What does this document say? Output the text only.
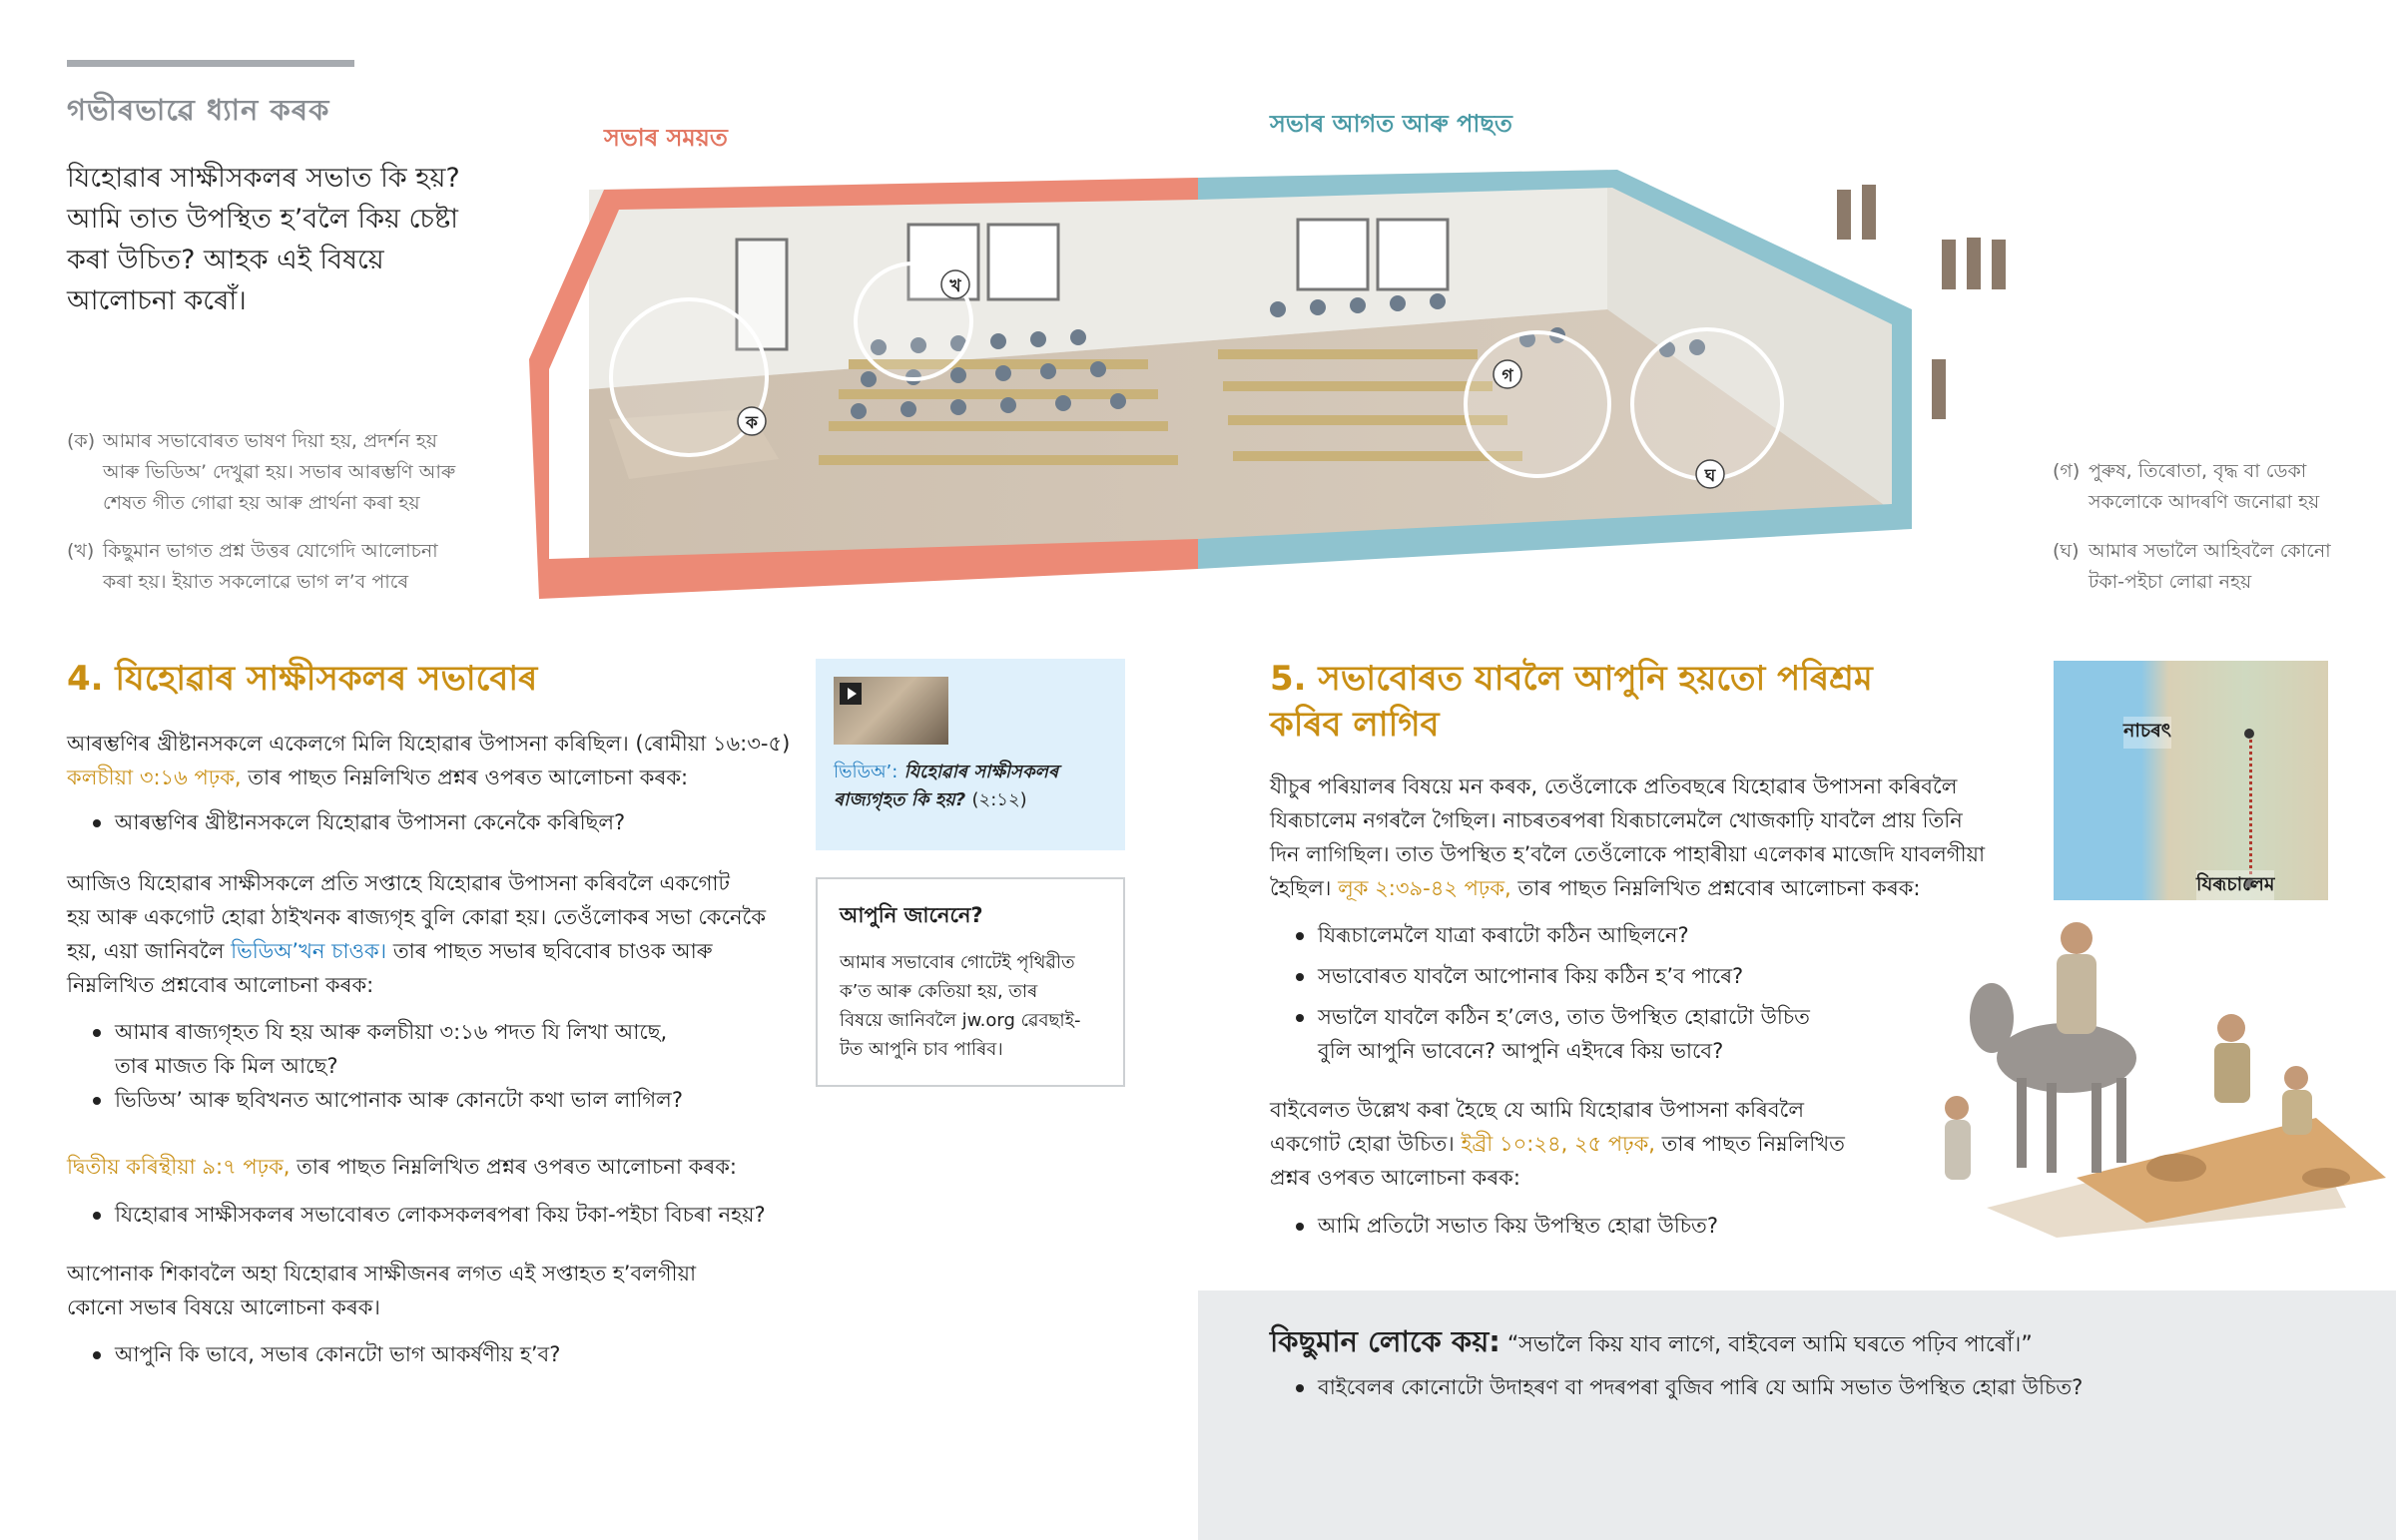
গভীৰভাৱে ধ্যান কৰক
যিহোৱাৰ সাক্ষীসকলৰ সভাত কি হয়? আমি তাত উপস্থিত হ’বলৈ কিয় চেষ্টা কৰা উচিত? আহক এই বিষয়ে আলোচনা কৰোঁ।
(ক) আমাৰ সভাবোৰত ভাষণ দিয়া হয়, প্ৰদৰ্শন হয়
আৰু ভিডিঅ’ দেখুৱা হয়। সভাৰ আৰম্ভণি আৰু
শেষত গীত গোৱা হয় আৰু প্ৰাৰ্থনা কৰা হয়
(খ) কিছুমান ভাগত প্ৰশ্ন উত্তৰ যোগেদি আলোচনা
কৰা হয়। ইয়াত সকলোৱে ভাগ ল’ব পাৰে
(গ) পুৰুষ, তিৰোতা, বৃদ্ধ বা ডেকা
সকলোকে আদৰণি জনোৱা হয়
(ঘ) আমাৰ সভালৈ আহিবলৈ কোনো
টকা-পইচা লোৱা নহয়
সভাৰ সময়ত	সভাৰ আগত আৰু পাছত
ক
খ
গ
ঘ
4. যিহোৱাৰ সাক্ষীসকলৰ সভাবোৰ
আৰম্ভণিৰ খ্ৰীষ্টানসকলে একেলগে মিলি যিহোৱাৰ উপাসনা কৰিছিল। (ৰোমীয়া ১৬:৩-৫)
কলচীয়া ৩:১৬ পঢ়ক, তাৰ পাছত নিম্নলিখিত প্ৰশ্নৰ ওপৰত আলোচনা কৰক:
আৰম্ভণিৰ খ্ৰীষ্টানসকলে যিহোৱাৰ উপাসনা কেনেকৈ কৰিছিল?
আজিও যিহোৱাৰ সাক্ষীসকলে প্ৰতি সপ্তাহে যিহোৱাৰ উপাসনা কৰিবলৈ একগোট
হয় আৰু একগোট হোৱা ঠাইখনক ৰাজ্যগৃহ বুলি কোৱা হয়। তেওঁলোকৰ সভা কেনেকৈ
হয়, এয়া জানিবলৈ ভিডিঅ’খন চাওক। তাৰ পাছত সভাৰ ছবিবোৰ চাওক আৰু
নিম্নলিখিত প্ৰশ্নবোৰ আলোচনা কৰক:
আমাৰ ৰাজ্যগৃহত যি হয় আৰু কলচীয়া ৩:১৬ পদত যি লিখা আছে,
তাৰ মাজত কি মিল আছে?
ভিডিঅ’ আৰু ছবিখনত আপোনাক আৰু কোনটো কথা ভাল লাগিল?
দ্বিতীয় কৰিন্থীয়া ৯:৭ পঢ়ক, তাৰ পাছত নিম্নলিখিত প্ৰশ্নৰ ওপৰত আলোচনা কৰক:
যিহোৱাৰ সাক্ষীসকলৰ সভাবোৰত লোকসকলৰপৰা কিয় টকা-পইচা বিচৰা নহয়?
আপোনাক শিকাবলৈ অহা যিহোৱাৰ সাক্ষীজনৰ লগত এই সপ্তাহত হ’বলগীয়া
কোনো সভাৰ বিষয়ে আলোচনা কৰক।
আপুনি কি ভাবে, সভাৰ কোনটো ভাগ আকৰ্ষণীয় হ’ব?
ভিডিঅ’: যিহোৱাৰ সাক্ষীসকলৰ ৰাজ্যগৃহত কি হয়? (২:১২)
আপুনি জানেনে?

আমাৰ সভাবোৰ গোটেই পৃথিৱীত

ক’ত আৰু কেতিয়া হয়, তাৰ

বিষয়ে জানিবলৈ jw.org ৱেবছাই-

টত আপুনি চাব পাৰিব।

5. সভাবোৰত যাবলৈ আপুনি হয়তো পৰিশ্ৰম
কৰিব লাগিব
যীচুৰ পৰিয়ালৰ বিষয়ে মন কৰক, তেওঁলোকে প্ৰতিবছৰে যিহোৱাৰ উপাসনা কৰিবলৈ
যিৰূচালেম নগৰলৈ গৈছিল। নাচৰতৰপৰা যিৰূচালেমলৈ খোজকাঢ়ি যাবলৈ প্ৰায় তিনি
দিন লাগিছিল। তাত উপস্থিত হ’বলৈ তেওঁলোকে পাহাৰীয়া এলেকাৰ মাজেদি যাবলগীয়া
হৈছিল। লূক ২:৩৯-৪২ পঢ়ক, তাৰ পাছত নিম্নলিখিত প্ৰশ্নবোৰ আলোচনা কৰক:
যিৰূচালেমলৈ যাত্ৰা কৰাটো কঠিন আছিলনে?
সভাবোৰত যাবলৈ আপোনাৰ কিয় কঠিন হ’ব পাৰে?
সভালৈ যাবলৈ কঠিন হ’লেও, তাত উপস্থিত হোৱাটো উচিত
বুলি আপুনি ভাবেনে? আপুনি এইদৰে কিয় ভাবে?
বাইবেলত উল্লেখ কৰা হৈছে যে আমি যিহোৱাৰ উপাসনা কৰিবলৈ
একগোট হোৱা উচিত। ইব্ৰী ১০:২৪, ২৫ পঢ়ক, তাৰ পাছত নিম্নলিখিত
প্ৰশ্নৰ ওপৰত আলোচনা কৰক:
আমি প্ৰতিটো সভাত কিয় উপস্থিত হোৱা উচিত?
নাচৰৎ
যিৰূচালেম
কিছুমান লোকে কয়: “সভালৈ কিয় যাব লাগে, বাইবেল আমি ঘৰতে পঢ়িব পাৰোঁ।”
বাইবেলৰ কোনোটো উদাহৰণ বা পদৰপৰা বুজিব পাৰি যে আমি সভাত উপস্থিত হোৱা উচিত?
